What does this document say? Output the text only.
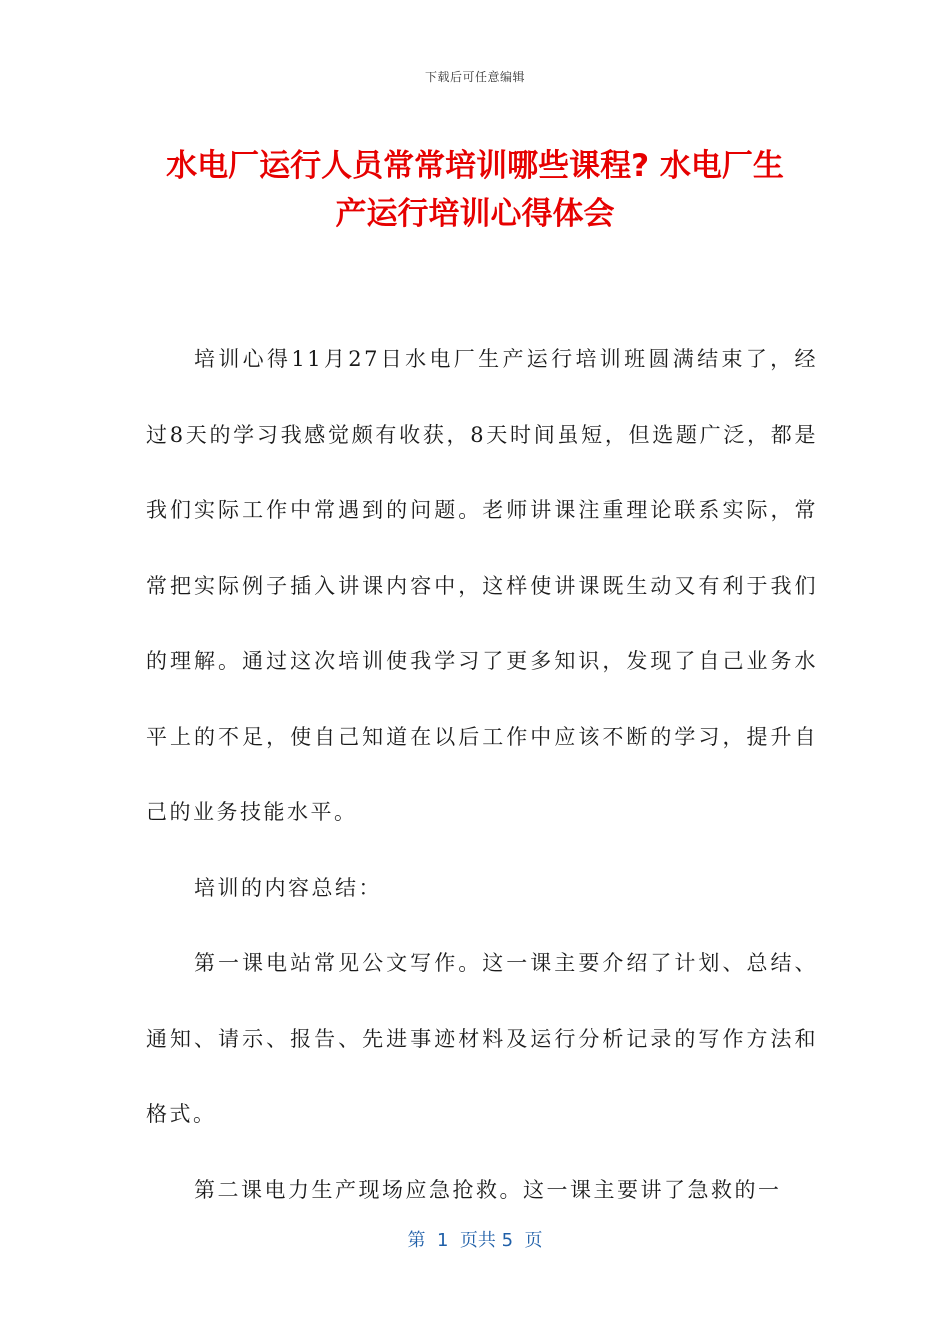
下载后可任意编辑
水电厂运行人员常常培训哪些课程? 水电厂生
产运行培训心得体会

培训心得11月27日水电厂生产运行培训班圆满结束了，经过8天的学习我感觉颇有收获，8天时间虽短，但选题广泛，都是我们实际工作中常遇到的问题。老师讲课注重理论联系实际，常常把实际例子插入讲课内容中，这样使讲课既生动又有利于我们的理解。通过这次培训使我学习了更多知识，发现了自己业务水平上的不足，使自己知道在以后工作中应该不断的学习，提升自己的业务技能水平。

培训的内容总结：

第一课电站常见公文写作。这一课主要介绍了计划、总结、通知、请示、报告、先进事迹材料及运行分析记录的写作方法和格式。

第二课电力生产现场应急抢救。这一课主要讲了急救的一

第  1  页共 5  页
